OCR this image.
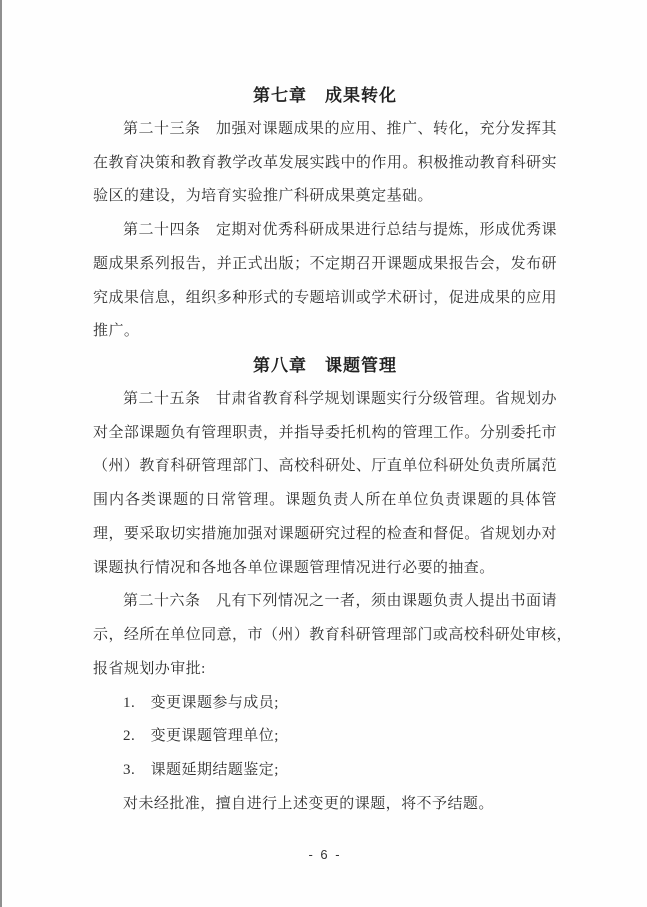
第七章　成果转化
第二十三条　加强对课题成果的应用、推广、转化，充分发挥其
在教育决策和教育教学改革发展实践中的作用。积极推动教育科研实
验区的建设，为培育实验推广科研成果奠定基础。
第二十四条　定期对优秀科研成果进行总结与提炼，形成优秀课
题成果系列报告，并正式出版；不定期召开课题成果报告会，发布研
究成果信息，组织多种形式的专题培训或学术研讨，促进成果的应用
推广。
第八章　课题管理
第二十五条　甘肃省教育科学规划课题实行分级管理。省规划办
对全部课题负有管理职责，并指导委托机构的管理工作。分别委托市
（州）教育科研管理部门、高校科研处、厅直单位科研处负责所属范
围内各类课题的日常管理。课题负责人所在单位负责课题的具体管
理，要采取切实措施加强对课题研究过程的检查和督促。省规划办对
课题执行情况和各地各单位课题管理情况进行必要的抽查。
第二十六条　凡有下列情况之一者，须由课题负责人提出书面请
示，经所在单位同意，市（州）教育科研管理部门或高校科研处审核，
报省规划办审批:
1.　变更课题参与成员;
2.　变更课题管理单位;
3.　课题延期结题鉴定;
对未经批准，擅自进行上述变更的课题，将不予结题。
- 6 -
